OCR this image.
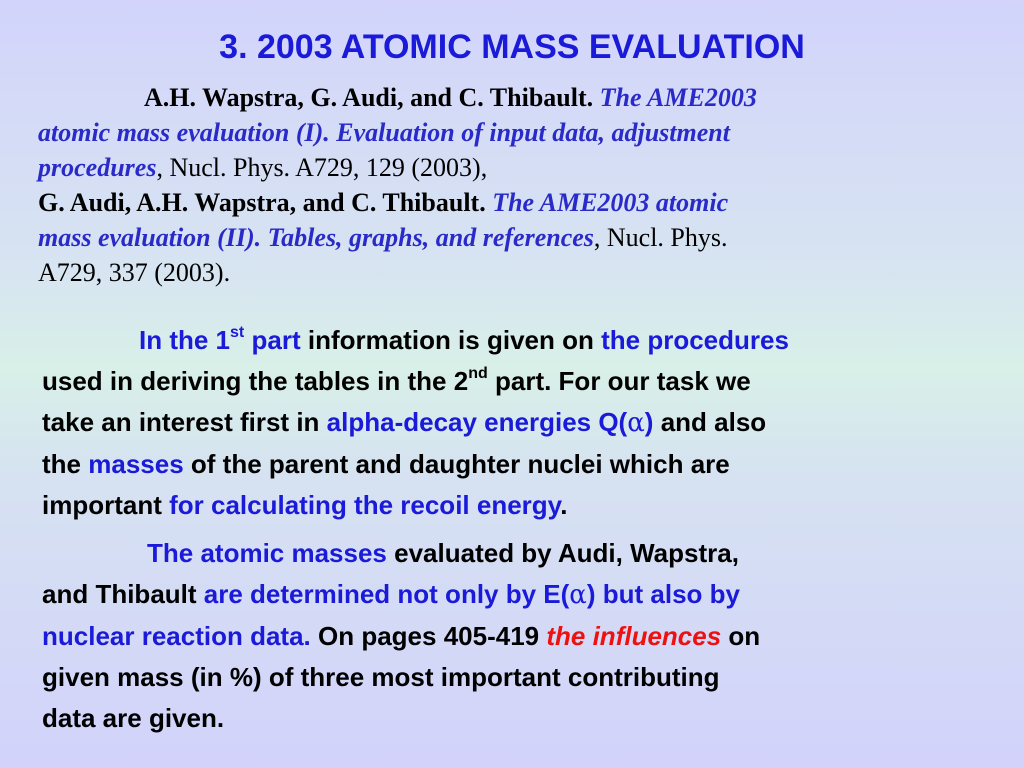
3. 2003 ATOMIC MASS EVALUATION

A.H. Wapstra, G. Audi, and C. Thibault. The AME2003

atomic mass evaluation (I). Evaluation of input data, adjustment

procedures, Nucl. Phys. A729, 129 (2003),

G. Audi, A.H. Wapstra, and C. Thibault. The AME2003 atomic

mass evaluation (II). Tables, graphs, and references, Nucl. Phys.

A729, 337 (2003).

In the 1st part information is given on the procedures

used in deriving the tables in the 2nd part. For our task we

take an interest first in alpha-decay energies Q(α) and also

the masses of the parent and daughter nuclei which are

important for calculating the recoil energy.

The atomic masses evaluated by Audi, Wapstra,

and Thibault are determined not only by E(α) but also by

nuclear reaction data. On pages 405-419 the influences on

given mass (in %) of three most important contributing

data are given.
